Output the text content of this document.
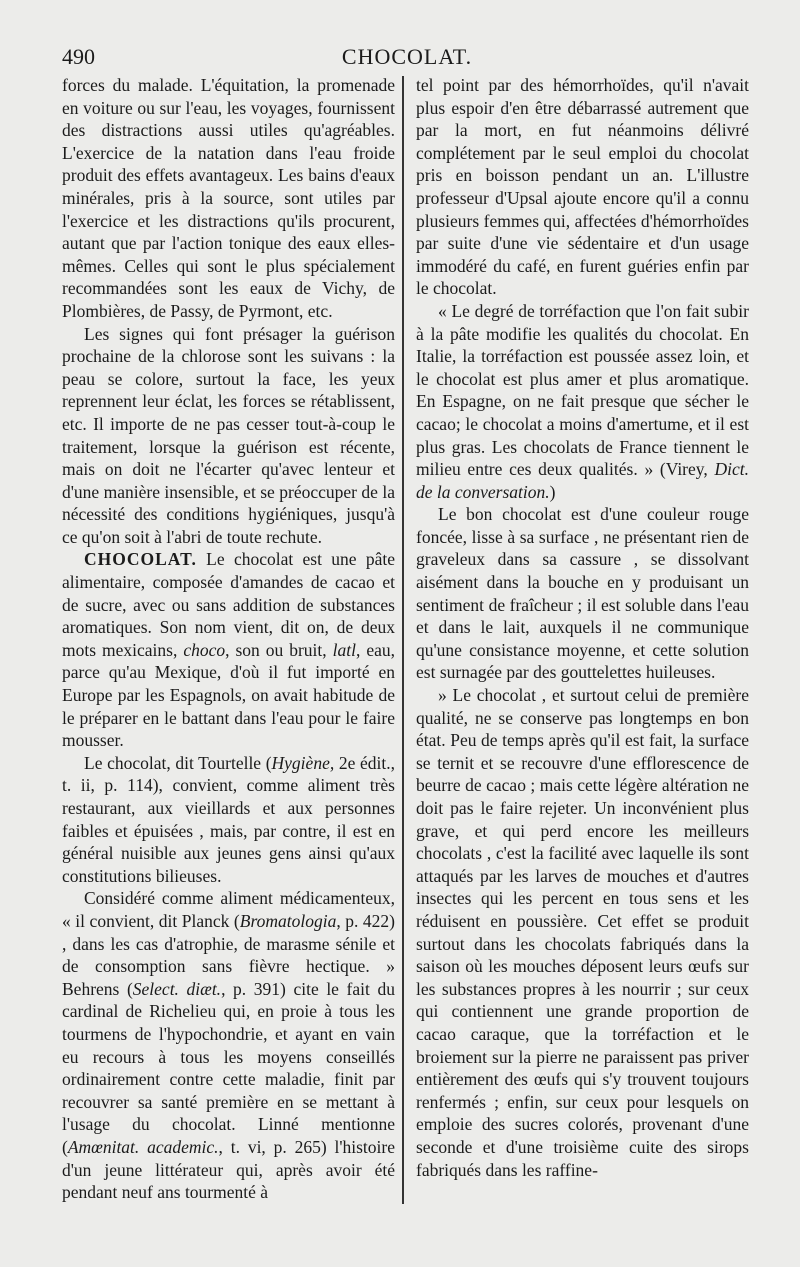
490	CHOCOLAT.

forces du malade. L'équitation, la promenade en voiture ou sur l'eau, les voyages, fournissent des distractions aussi utiles qu'agréables. L'exercice de la natation dans l'eau froide produit des effets avantageux. Les bains d'eaux minérales, pris à la source, sont utiles par l'exercice et les distractions qu'ils procurent, autant que par l'action tonique des eaux elles-mêmes. Celles qui sont le plus spécialement recommandées sont les eaux de Vichy, de Plombières, de Passy, de Pyrmont, etc.

Les signes qui font présager la guérison prochaine de la chlorose sont les suivans : la peau se colore, surtout la face, les yeux reprennent leur éclat, les forces se rétablissent, etc. Il importe de ne pas cesser tout-à-coup le traitement, lorsque la guérison est récente, mais on doit ne l'écarter qu'avec lenteur et d'une manière insensible, et se préoccuper de la nécessité des conditions hygiéniques, jusqu'à ce qu'on soit à l'abri de toute rechute.

CHOCOLAT. Le chocolat est une pâte alimentaire, composée d'amandes de cacao et de sucre, avec ou sans addition de substances aromatiques. Son nom vient, dit on, de deux mots mexicains, choco, son ou bruit, latl, eau, parce qu'au Mexique, d'où il fut importé en Europe par les Espagnols, on avait habitude de le préparer en le battant dans l'eau pour le faire mousser.

Le chocolat, dit Tourtelle (Hygiène, 2e édit., t. ii, p. 114), convient, comme aliment très restaurant, aux vieillards et aux personnes faibles et épuisées , mais, par contre, il est en général nuisible aux jeunes gens ainsi qu'aux constitutions bilieuses.

Considéré comme aliment médicamenteux, « il convient, dit Planck (Bromatologia, p. 422) , dans les cas d'atrophie, de marasme sénile et de consomption sans fièvre hectique. » Behrens (Select. diæt., p. 391) cite le fait du cardinal de Richelieu qui, en proie à tous les tourmens de l'hypochondrie, et ayant en vain eu recours à tous les moyens conseillés ordinairement contre cette maladie, finit par recouvrer sa santé première en se mettant à l'usage du chocolat. Linné mentionne (Amœnitat. academic., t. vi, p. 265) l'histoire d'un jeune littérateur qui, après avoir été pendant neuf ans tourmenté à

tel point par des hémorrhoïdes, qu'il n'avait plus espoir d'en être débarrassé autrement que par la mort, en fut néanmoins délivré complétement par le seul emploi du chocolat pris en boisson pendant un an. L'illustre professeur d'Upsal ajoute encore qu'il a connu plusieurs femmes qui, affectées d'hémorrhoïdes par suite d'une vie sédentaire et d'un usage immodéré du café, en furent guéries enfin par le chocolat.

« Le degré de torréfaction que l'on fait subir à la pâte modifie les qualités du chocolat. En Italie, la torréfaction est poussée assez loin, et le chocolat est plus amer et plus aromatique. En Espagne, on ne fait presque que sécher le cacao; le chocolat a moins d'amertume, et il est plus gras. Les chocolats de France tiennent le milieu entre ces deux qualités. » (Virey, Dict. de la conversation.)

Le bon chocolat est d'une couleur rouge foncée, lisse à sa surface , ne présentant rien de graveleux dans sa cassure , se dissolvant aisément dans la bouche en y produisant un sentiment de fraîcheur ; il est soluble dans l'eau et dans le lait, auxquels il ne communique qu'une consistance moyenne, et cette solution est surnagée par des gouttelettes huileuses.

» Le chocolat , et surtout celui de première qualité, ne se conserve pas longtemps en bon état. Peu de temps après qu'il est fait, la surface se ternit et se recouvre d'une efflorescence de beurre de cacao ; mais cette légère altération ne doit pas le faire rejeter. Un inconvénient plus grave, et qui perd encore les meilleurs chocolats , c'est la facilité avec laquelle ils sont attaqués par les larves de mouches et d'autres insectes qui les percent en tous sens et les réduisent en poussière. Cet effet se produit surtout dans les chocolats fabriqués dans la saison où les mouches déposent leurs œufs sur les substances propres à les nourrir ; sur ceux qui contiennent une grande proportion de cacao caraque, que la torréfaction et le broiement sur la pierre ne paraissent pas priver entièrement des œufs qui s'y trouvent toujours renfermés ; enfin, sur ceux pour lesquels on emploie des sucres colorés, provenant d'une seconde et d'une troisième cuite des sirops fabriqués dans les raffine-
